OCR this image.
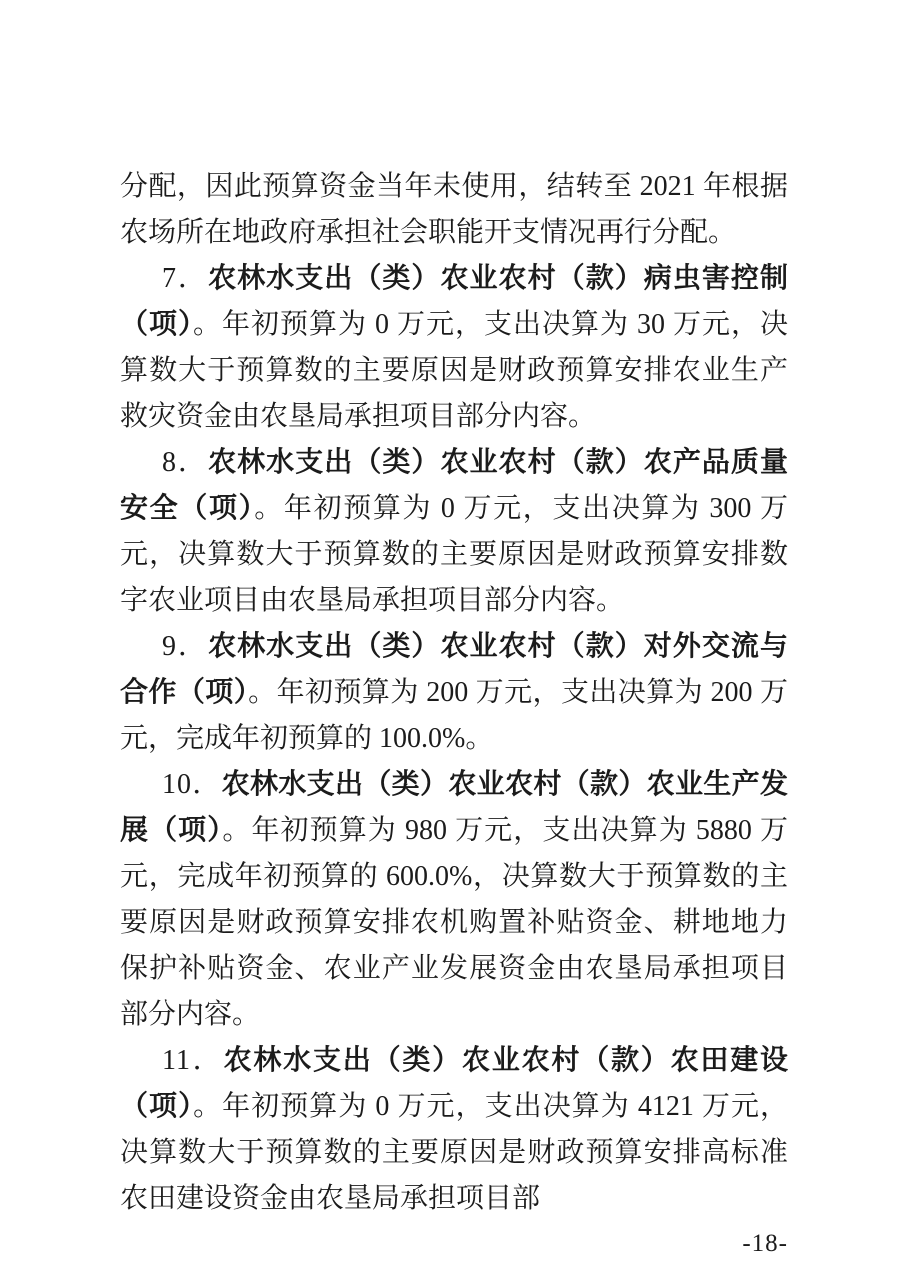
分配，因此预算资金当年未使用，结转至 2021 年根据农场所在地政府承担社会职能开支情况再行分配。

7．农林水支出（类）农业农村（款）病虫害控制（项）。年初预算为 0 万元，支出决算为 30 万元，决算数大于预算数的主要原因是财政预算安排农业生产救灾资金由农垦局承担项目部分内容。

8．农林水支出（类）农业农村（款）农产品质量安全（项）。年初预算为 0 万元，支出决算为 300 万元，决算数大于预算数的主要原因是财政预算安排数字农业项目由农垦局承担项目部分内容。

9．农林水支出（类）农业农村（款）对外交流与合作（项）。年初预算为 200 万元，支出决算为 200 万元，完成年初预算的 100.0%。

10．农林水支出（类）农业农村（款）农业生产发展（项）。年初预算为 980 万元，支出决算为 5880 万元，完成年初预算的 600.0%，决算数大于预算数的主要原因是财政预算安排农机购置补贴资金、耕地地力保护补贴资金、农业产业发展资金由农垦局承担项目部分内容。

11．农林水支出（类）农业农村（款）农田建设（项）。年初预算为 0 万元，支出决算为 4121 万元，决算数大于预算数的主要原因是财政预算安排高标准农田建设资金由农垦局承担项目部

-18-
